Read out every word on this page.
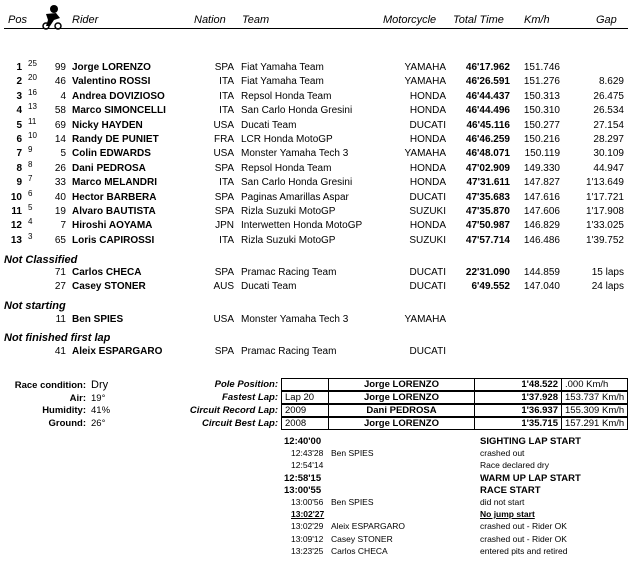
Pos	Rider	Nation Team	Motorcycle Total Time Km/h	Gap
1 25	99 Jorge LORENZO	SPA Fiat Yamaha Team	YAMAHA	46'17.962	151.746
2 20	46 Valentino ROSSI	ITA Fiat Yamaha Team	YAMAHA	46'26.591	151.276	8.629
3 16	4 Andrea DOVIZIOSO	ITA Repsol Honda Team	HONDA	46'44.437	150.313	26.475
4 13	58 Marco SIMONCELLI	ITA San Carlo Honda Gresini	HONDA	46'44.496	150.310	26.534
5 11	69 Nicky HAYDEN	USA Ducati Team	DUCATI	46'45.116	150.277	27.154
6 10	14 Randy DE PUNIET	FRA LCR Honda MotoGP	HONDA	46'46.259	150.216	28.297
7 9	5 Colin EDWARDS	USA Monster Yamaha Tech 3	YAMAHA	46'48.071	150.119	30.109
8 8	26 Dani PEDROSA	SPA Repsol Honda Team	HONDA	47'02.909	149.330	44.947
9 7	33 Marco MELANDRI	ITA San Carlo Honda Gresini	HONDA	47'31.611	147.827	1'13.649
10 6	40 Hector BARBERA	SPA Paginas Amarillas Aspar	DUCATI	47'35.683	147.616	1'17.721
11 5	19 Alvaro BAUTISTA	SPA Rizla Suzuki MotoGP	SUZUKI	47'35.870	147.606	1'17.908
12 4	7 Hiroshi AOYAMA	JPN Interwetten Honda MotoGP	HONDA	47'50.987	146.829	1'33.025
13 3	65 Loris CAPIROSSI	ITA Rizla Suzuki MotoGP	SUZUKI	47'57.714	146.486	1'39.752
Not Classified
71 Carlos CHECA	SPA Pramac Racing Team	DUCATI	22'31.090	144.859	15 laps
27 Casey STONER	AUS Ducati Team	DUCATI	6'49.552	147.040	24 laps
Not starting
11 Ben SPIES	USA Monster Yamaha Tech 3	YAMAHA
Not finished first lap
41 Aleix ESPARGARO	SPA Pramac Racing Team	DUCATI
Race condition: Dry
Air: 19°
Humidity: 41%
Ground: 26°
Pole Position:	Jorge LORENZO	1'48.522 .000 Km/h
Fastest Lap: Lap 20	Jorge LORENZO	1'37.928 153.737 Km/h
Circuit Record Lap: 2009	Dani PEDROSA	1'36.937 155.309 Km/h
Circuit Best Lap: 2008	Jorge LORENZO	1'35.715 157.291 Km/h
12:40'00	SIGHTING LAP START
12:43'28 Ben SPIES	crashed out
12:54'14	Race declared dry
12:58'15	WARM UP LAP START
13:00'55	RACE START
13:00'56 Ben SPIES	did not start
13:02'27	No jump start
13:02'29 Aleix ESPARGARO	crashed out - Rider OK
13:09'12 Casey STONER	crashed out - Rider OK
13:23'25 Carlos CHECA	entered pits and retired
